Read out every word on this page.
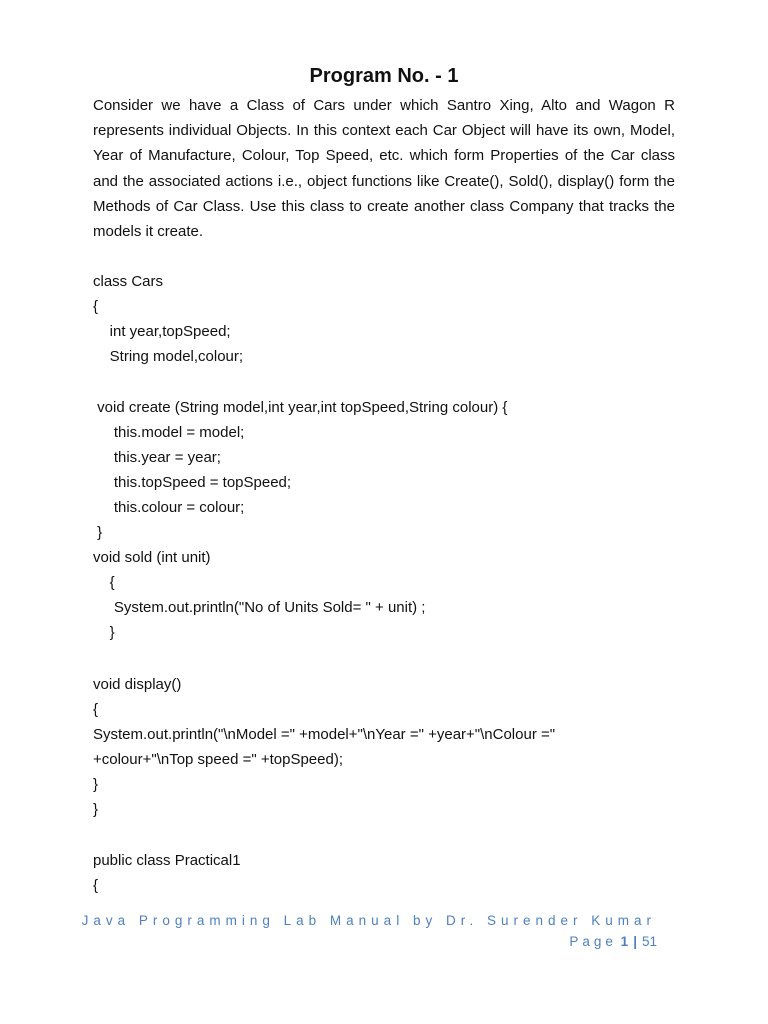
Program No. - 1

Consider we have a Class of Cars under which Santro Xing, Alto and Wagon R represents individual Objects. In this context each Car Object will have its own, Model, Year of Manufacture, Colour, Top Speed, etc. which form Properties of the Car class and the associated actions i.e., object functions like Create(), Sold(), display() form the Methods of Car Class. Use this class to create another class Company that tracks the models it create.

class Cars
{
int year,topSpeed;
String model,colour;
void create (String model,int year,int topSpeed,String colour) {
this.model = model;
this.year = year;
this.topSpeed = topSpeed;
this.colour = colour;
}
void sold (int unit)
{
System.out.println("No of Units Sold= " + unit) ;
}
void display()
{
System.out.println("\nModel =" +model+"\nYear =" +year+"\nColour ="
+colour+"\nTop speed =" +topSpeed);
}
}
public class Practical1
{
Java Programming Lab Manual by Dr. Surender Kumar
Page 1 | 51
